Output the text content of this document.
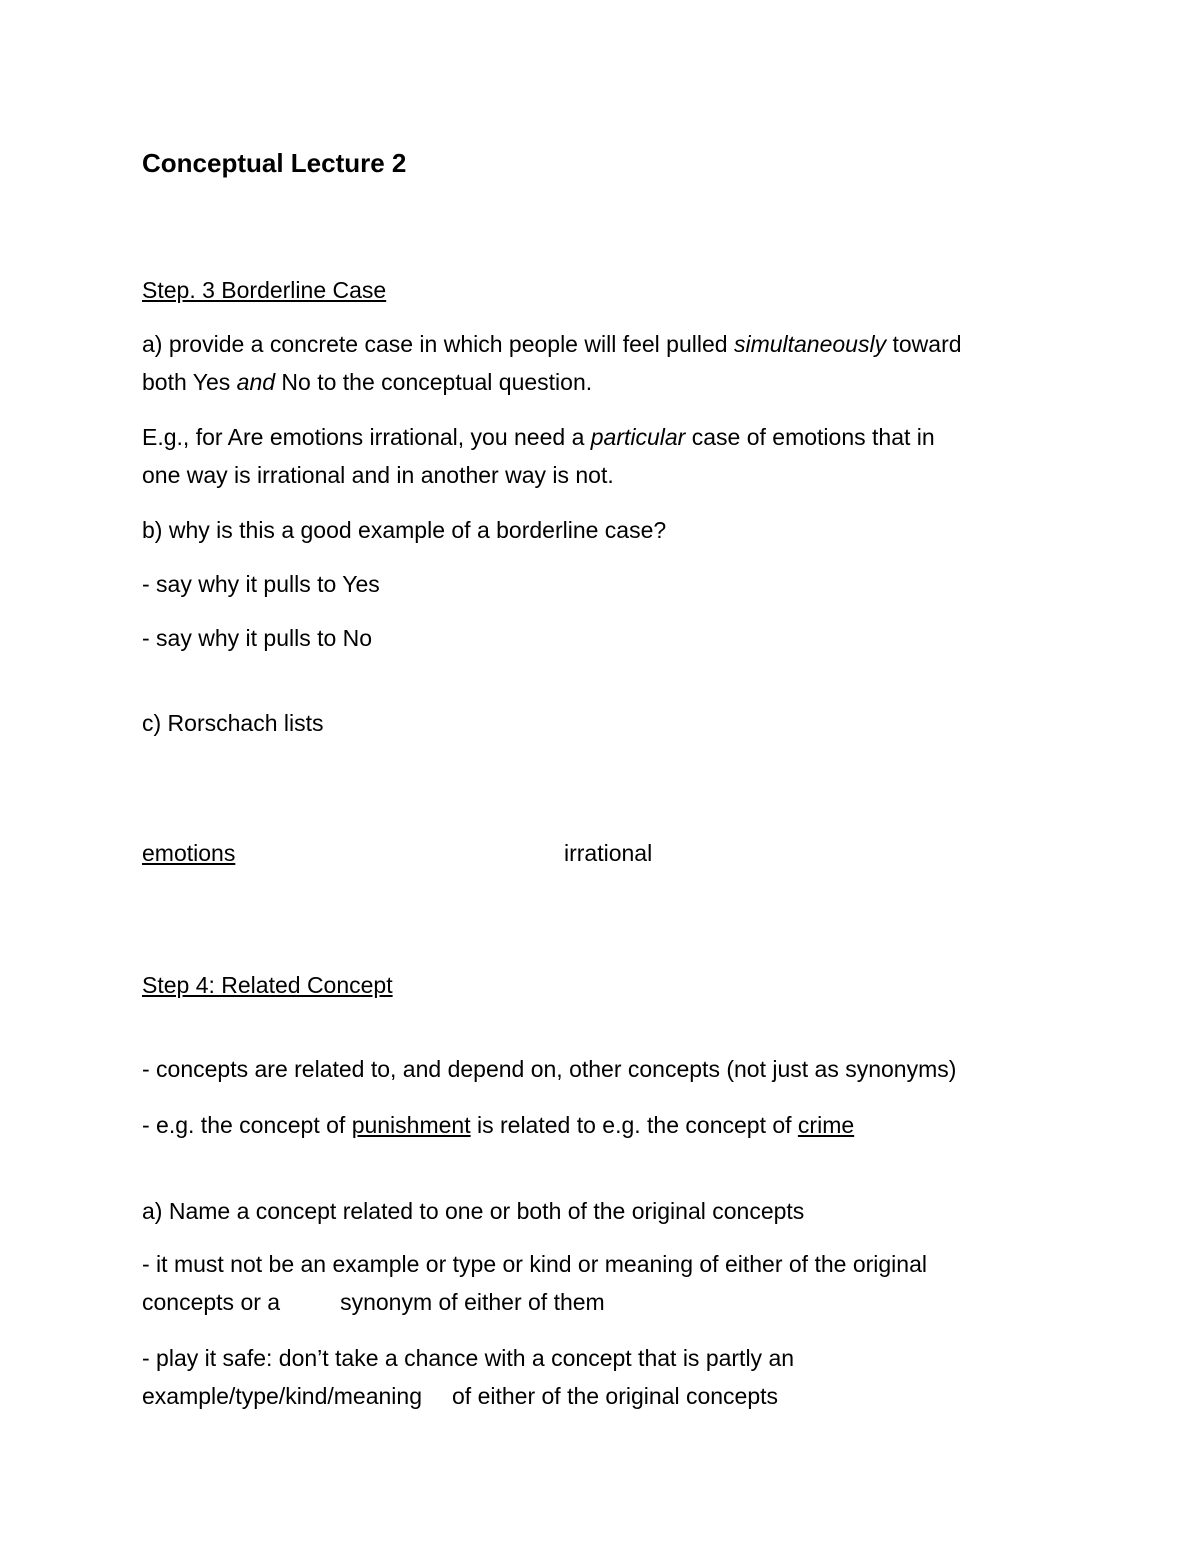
Conceptual Lecture 2
Step. 3 Borderline Case
a) provide a concrete case in which people will feel pulled simultaneously toward
both Yes and No to the conceptual question.
E.g., for Are emotions irrational, you need a particular case of emotions that in
one way is irrational and in another way is not.
b) why is this a good example of a borderline case?
- say why it pulls to Yes
- say why it pulls to No
c) Rorschach lists
emotions	irrational
Step 4: Related Concept
- concepts are related to, and depend on, other concepts (not just as synonyms)
- e.g. the concept of punishment is related to e.g. the concept of crime
a) Name a concept related to one or both of the original concepts
- it must not be an example or type or kind or meaning of either of the original
concepts or a	synonym of either of them
- play it safe: don’t take a chance with a concept that is partly an
example/type/kind/meaning of either of the original concepts
